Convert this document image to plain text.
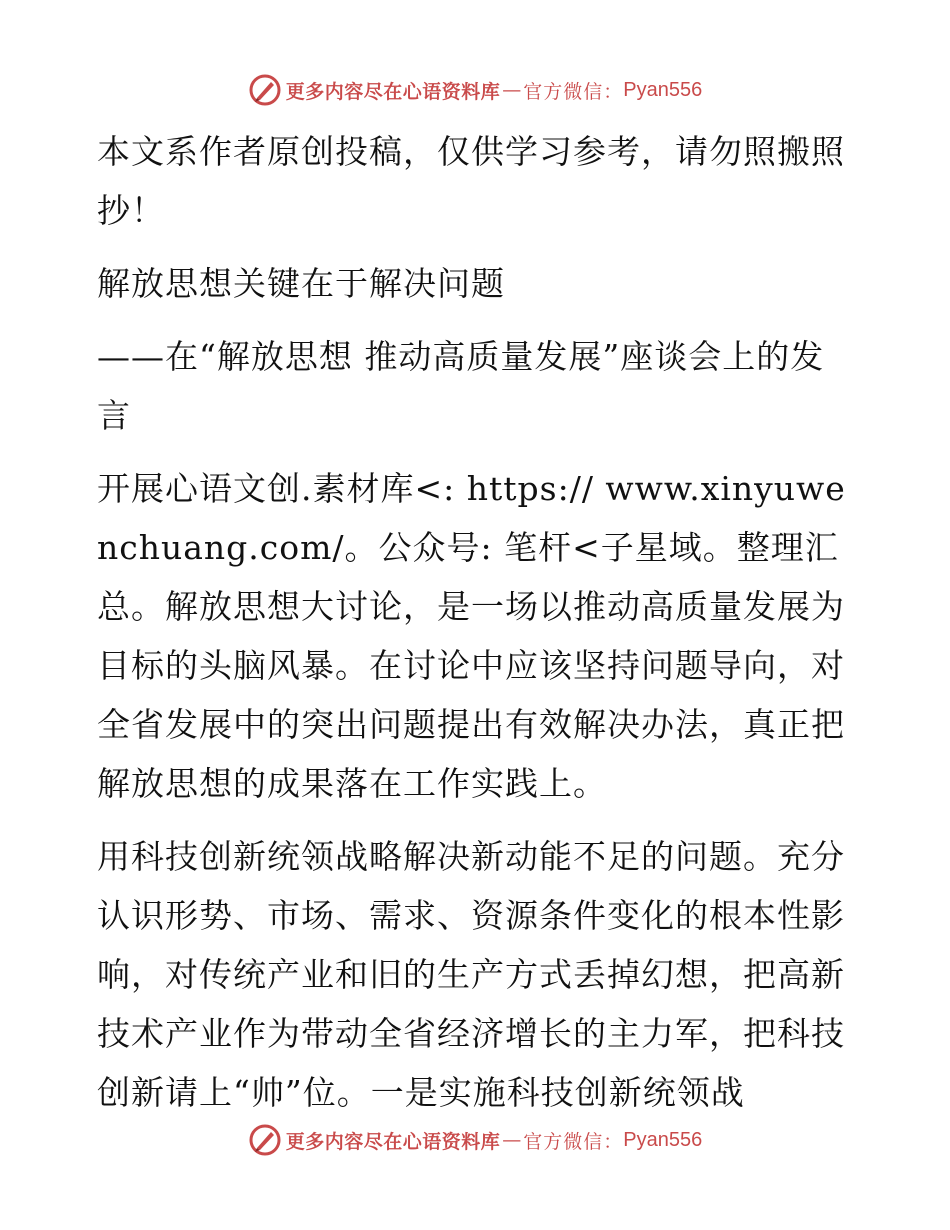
更多内容尽在心语资料库 — 官方微信： Pyan556

本文系作者原创投稿，仅供学习参考，请勿照搬照抄！

解放思想关键在于解决问题

——在“解放思想 推动高质量发展”座谈会上的发言

开展心语文创.素材库<: https:// www.xinyuwenchuang.com/。公众号: 笔杆<子星域。整理汇总。解放思想大讨论，是一场以推动高质量发展为目标的头脑风暴。在讨论中应该坚持问题导向，对全省发展中的突出问题提出有效解决办法，真正把解放思想的成果落在工作实践上。

用科技创新统领战略解决新动能不足的问题。充分认识形势、市场、需求、资源条件变化的根本性影响，对传统产业和旧的生产方式丢掉幻想，把高新技术产业作为带动全省经济增长的主力军，把科技创新请上“帅”位。一是实施科技创新统领战

更多内容尽在心语资料库 — 官方微信： Pyan556
